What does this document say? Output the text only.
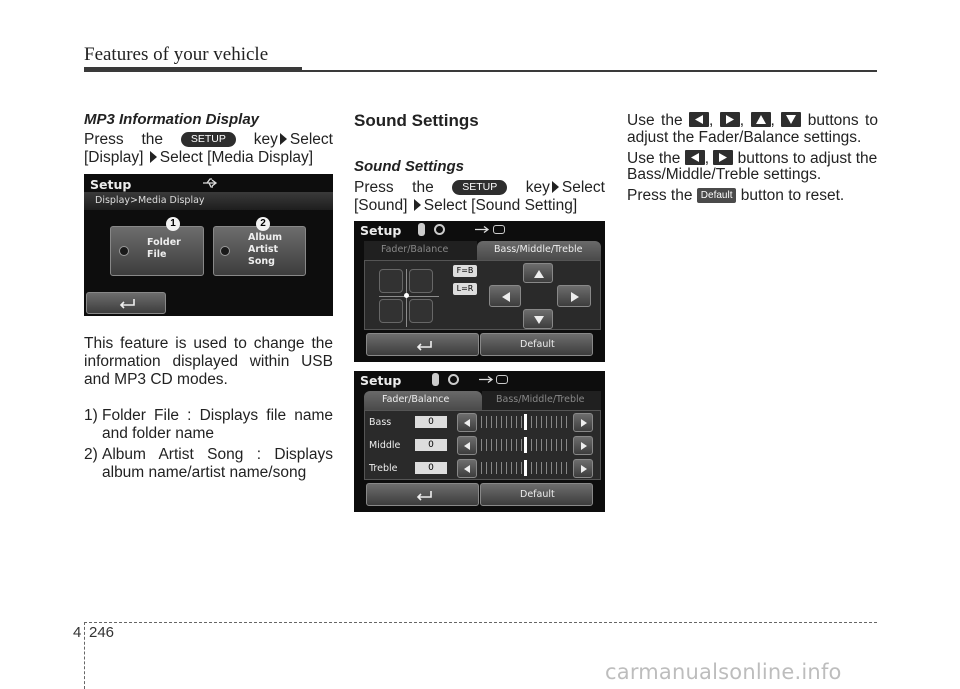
Features of your vehicle
MP3 Information Display
Press the	SETUP key Select
[Display] Select [Media Display]
Setup
Display>Media Display
Folder
File
1
Album
Artist
Song
2
This feature is used to change the
information displayed within USB
and MP3 CD modes.
1) Folder File : Displays file name
and folder name
2) Album Artist Song : Displays
album name/artist name/song
Sound Settings
Sound Settings
Press the	SETUP key Select
[Sound] Select [Sound Setting]
Setup
Fader/Balance	Bass/Middle/Treble
F=B
L=R
Default
Setup
Fader/Balance	Bass/Middle/Treble
Bass	0
Middle	0
Treble	0
Default
Use the ,
,
,
buttons to
adjust the Fader/Balance settings.
Use the ,
buttons to adjust the
Bass/Middle/Treble settings.
Press the Default button to reset.
4 246
carmanualsonline.info
